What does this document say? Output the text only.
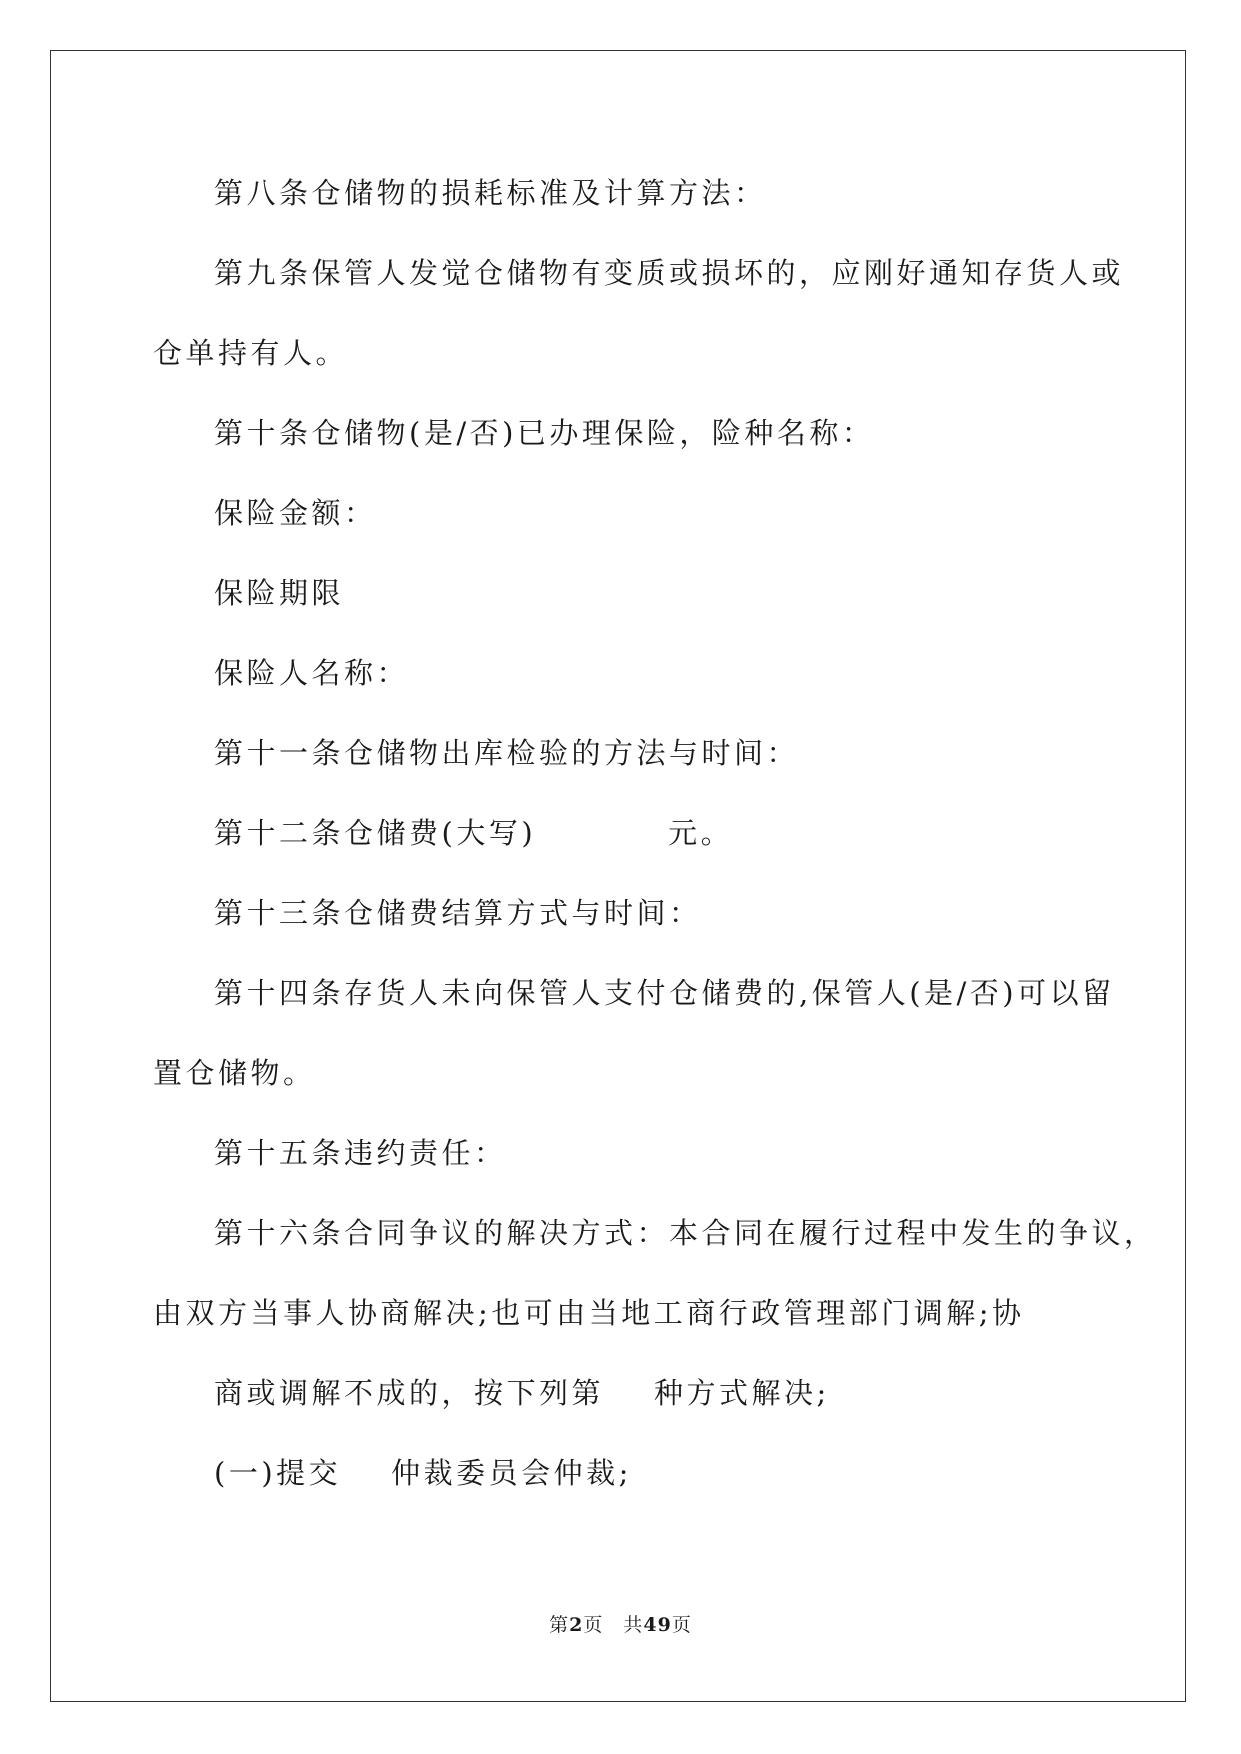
第八条仓储物的损耗标准及计算方法：
第九条保管人发觉仓储物有变质或损坏的，应刚好通知存货人或
仓单持有人。
第十条仓储物(是/否)已办理保险，险种名称：
保险金额：
保险期限
保险人名称：
第十一条仓储物出库检验的方法与时间：
第十二条仓储费(大写)	元。
第十三条仓储费结算方式与时间：
第十四条存货人未向保管人支付仓储费的,保管人(是/否)可以留
置仓储物。
第十五条违约责任：
第十六条合同争议的解决方式：本合同在履行过程中发生的争议，
由双方当事人协商解决;也可由当地工商行政管理部门调解;协
商或调解不成的，按下列第 种方式解决;
(一)提交 仲裁委员会仲裁;
第2页 共49页
